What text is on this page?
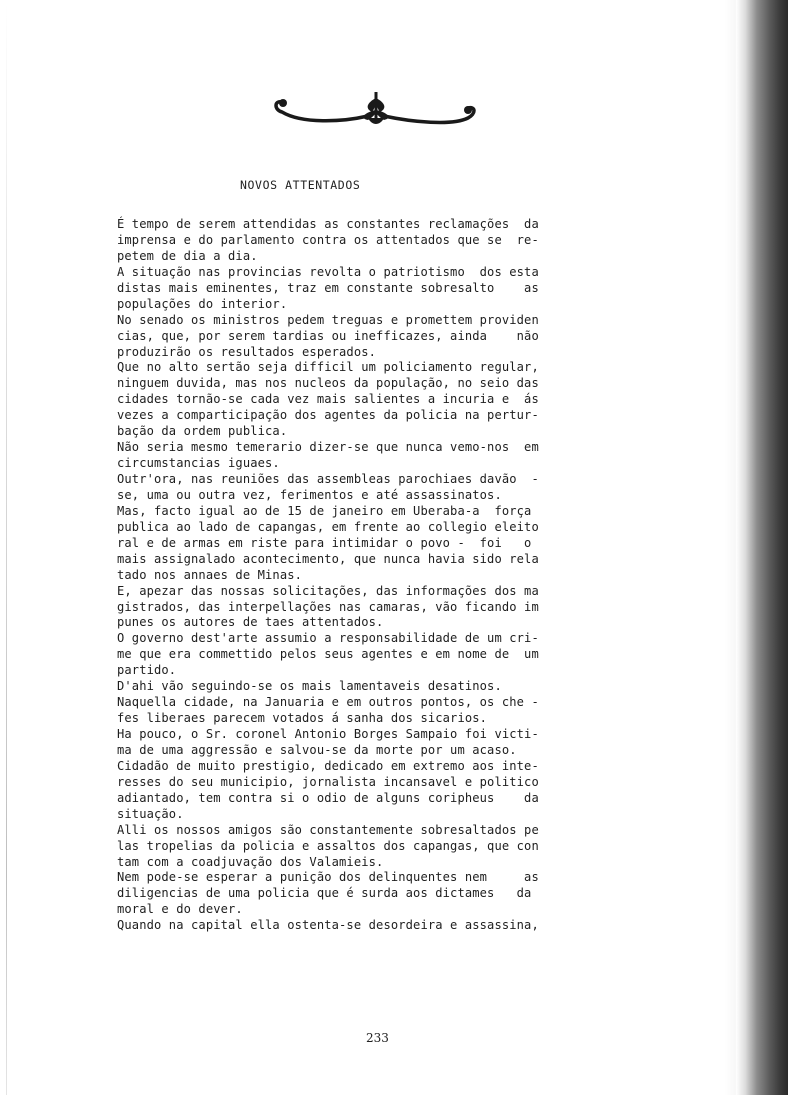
NOVOS ATTENTADOS
É tempo de serem attendidas as constantes reclamações  da
imprensa e do parlamento contra os attentados que se  re-
petem de dia a dia.
A situação nas provincias revolta o patriotismo  dos esta
distas mais eminentes, traz em constante sobresalto    as
populações do interior.
No senado os ministros pedem treguas e promettem providen
cias, que, por serem tardias ou inefficazes, ainda    não
produzirão os resultados esperados.
Que no alto sertão seja difficil um policiamento regular,
ninguem duvida, mas nos nucleos da população, no seio das
cidades tornão-se cada vez mais salientes a incuria e  ás
vezes a comparticipação dos agentes da policia na pertur-
bação da ordem publica.
Não seria mesmo temerario dizer-se que nunca vemo-nos  em
circumstancias iguaes.
Outr'ora, nas reuniões das assembleas parochiaes davão  -
se, uma ou outra vez, ferimentos e até assassinatos.
Mas, facto igual ao de 15 de janeiro em Uberaba-a  força
publica ao lado de capangas, em frente ao collegio eleito
ral e de armas em riste para intimidar o povo -  foi   o
mais assignalado acontecimento, que nunca havia sido rela
tado nos annaes de Minas.
E, apezar das nossas solicitações, das informações dos ma
gistrados, das interpellações nas camaras, vão ficando im
punes os autores de taes attentados.
O governo dest'arte assumio a responsabilidade de um cri-
me que era commettido pelos seus agentes e em nome de  um
partido.
D'ahi vão seguindo-se os mais lamentaveis desatinos.
Naquella cidade, na Januaria e em outros pontos, os che -
fes liberaes parecem votados á sanha dos sicarios.
Ha pouco, o Sr. coronel Antonio Borges Sampaio foi victi-
ma de uma aggressão e salvou-se da morte por um acaso.
Cidadão de muito prestigio, dedicado em extremo aos inte-
resses do seu municipio, jornalista incansavel e politico
adiantado, tem contra si o odio de alguns coripheus    da
situação.
Alli os nossos amigos são constantemente sobresaltados pe
las tropelias da policia e assaltos dos capangas, que con
tam com a coadjuvação dos Valamieis.
Nem pode-se esperar a punição dos delinquentes nem     as
diligencias de uma policia que é surda aos dictames   da
moral e do dever.
Quando na capital ella ostenta-se desordeira e assassina,
233
